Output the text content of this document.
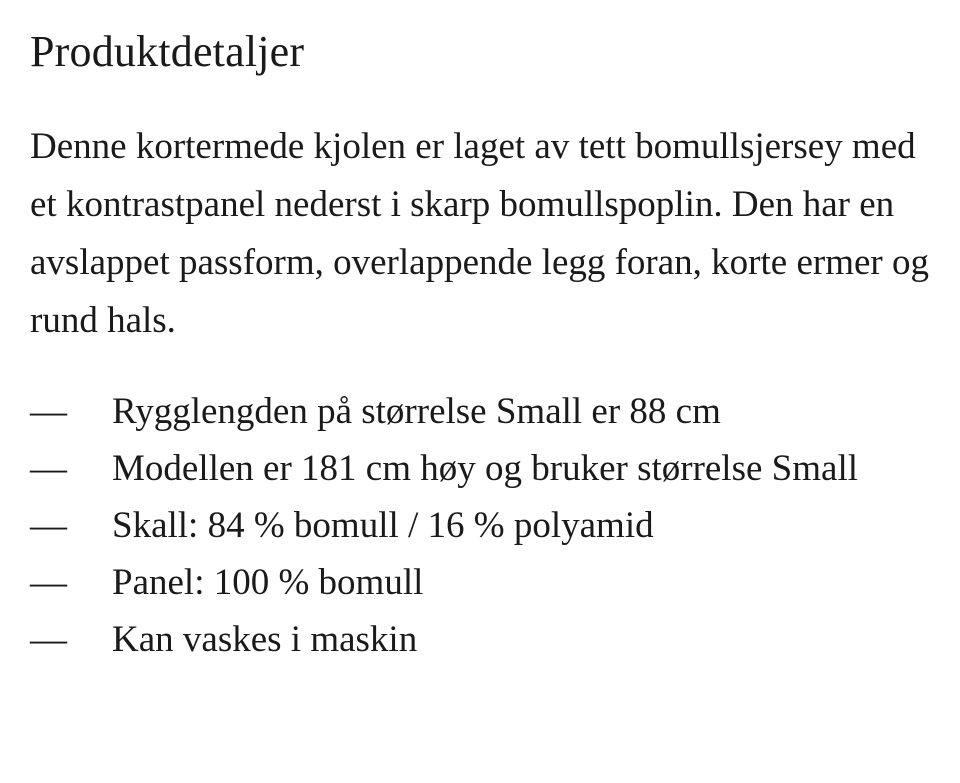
Produktdetaljer

Denne kortermede kjolen er laget av tett bomullsjersey med et kontrastpanel nederst i skarp bomullspoplin. Den har en avslappet passform, overlappende legg foran, korte ermer og rund hals.

—	Rygglengden på størrelse Small er 88 cm
—	Modellen er 181 cm høy og bruker størrelse Small
—	Skall: 84 % bomull / 16 % polyamid
—	Panel: 100 % bomull
—	Kan vaskes i maskin
